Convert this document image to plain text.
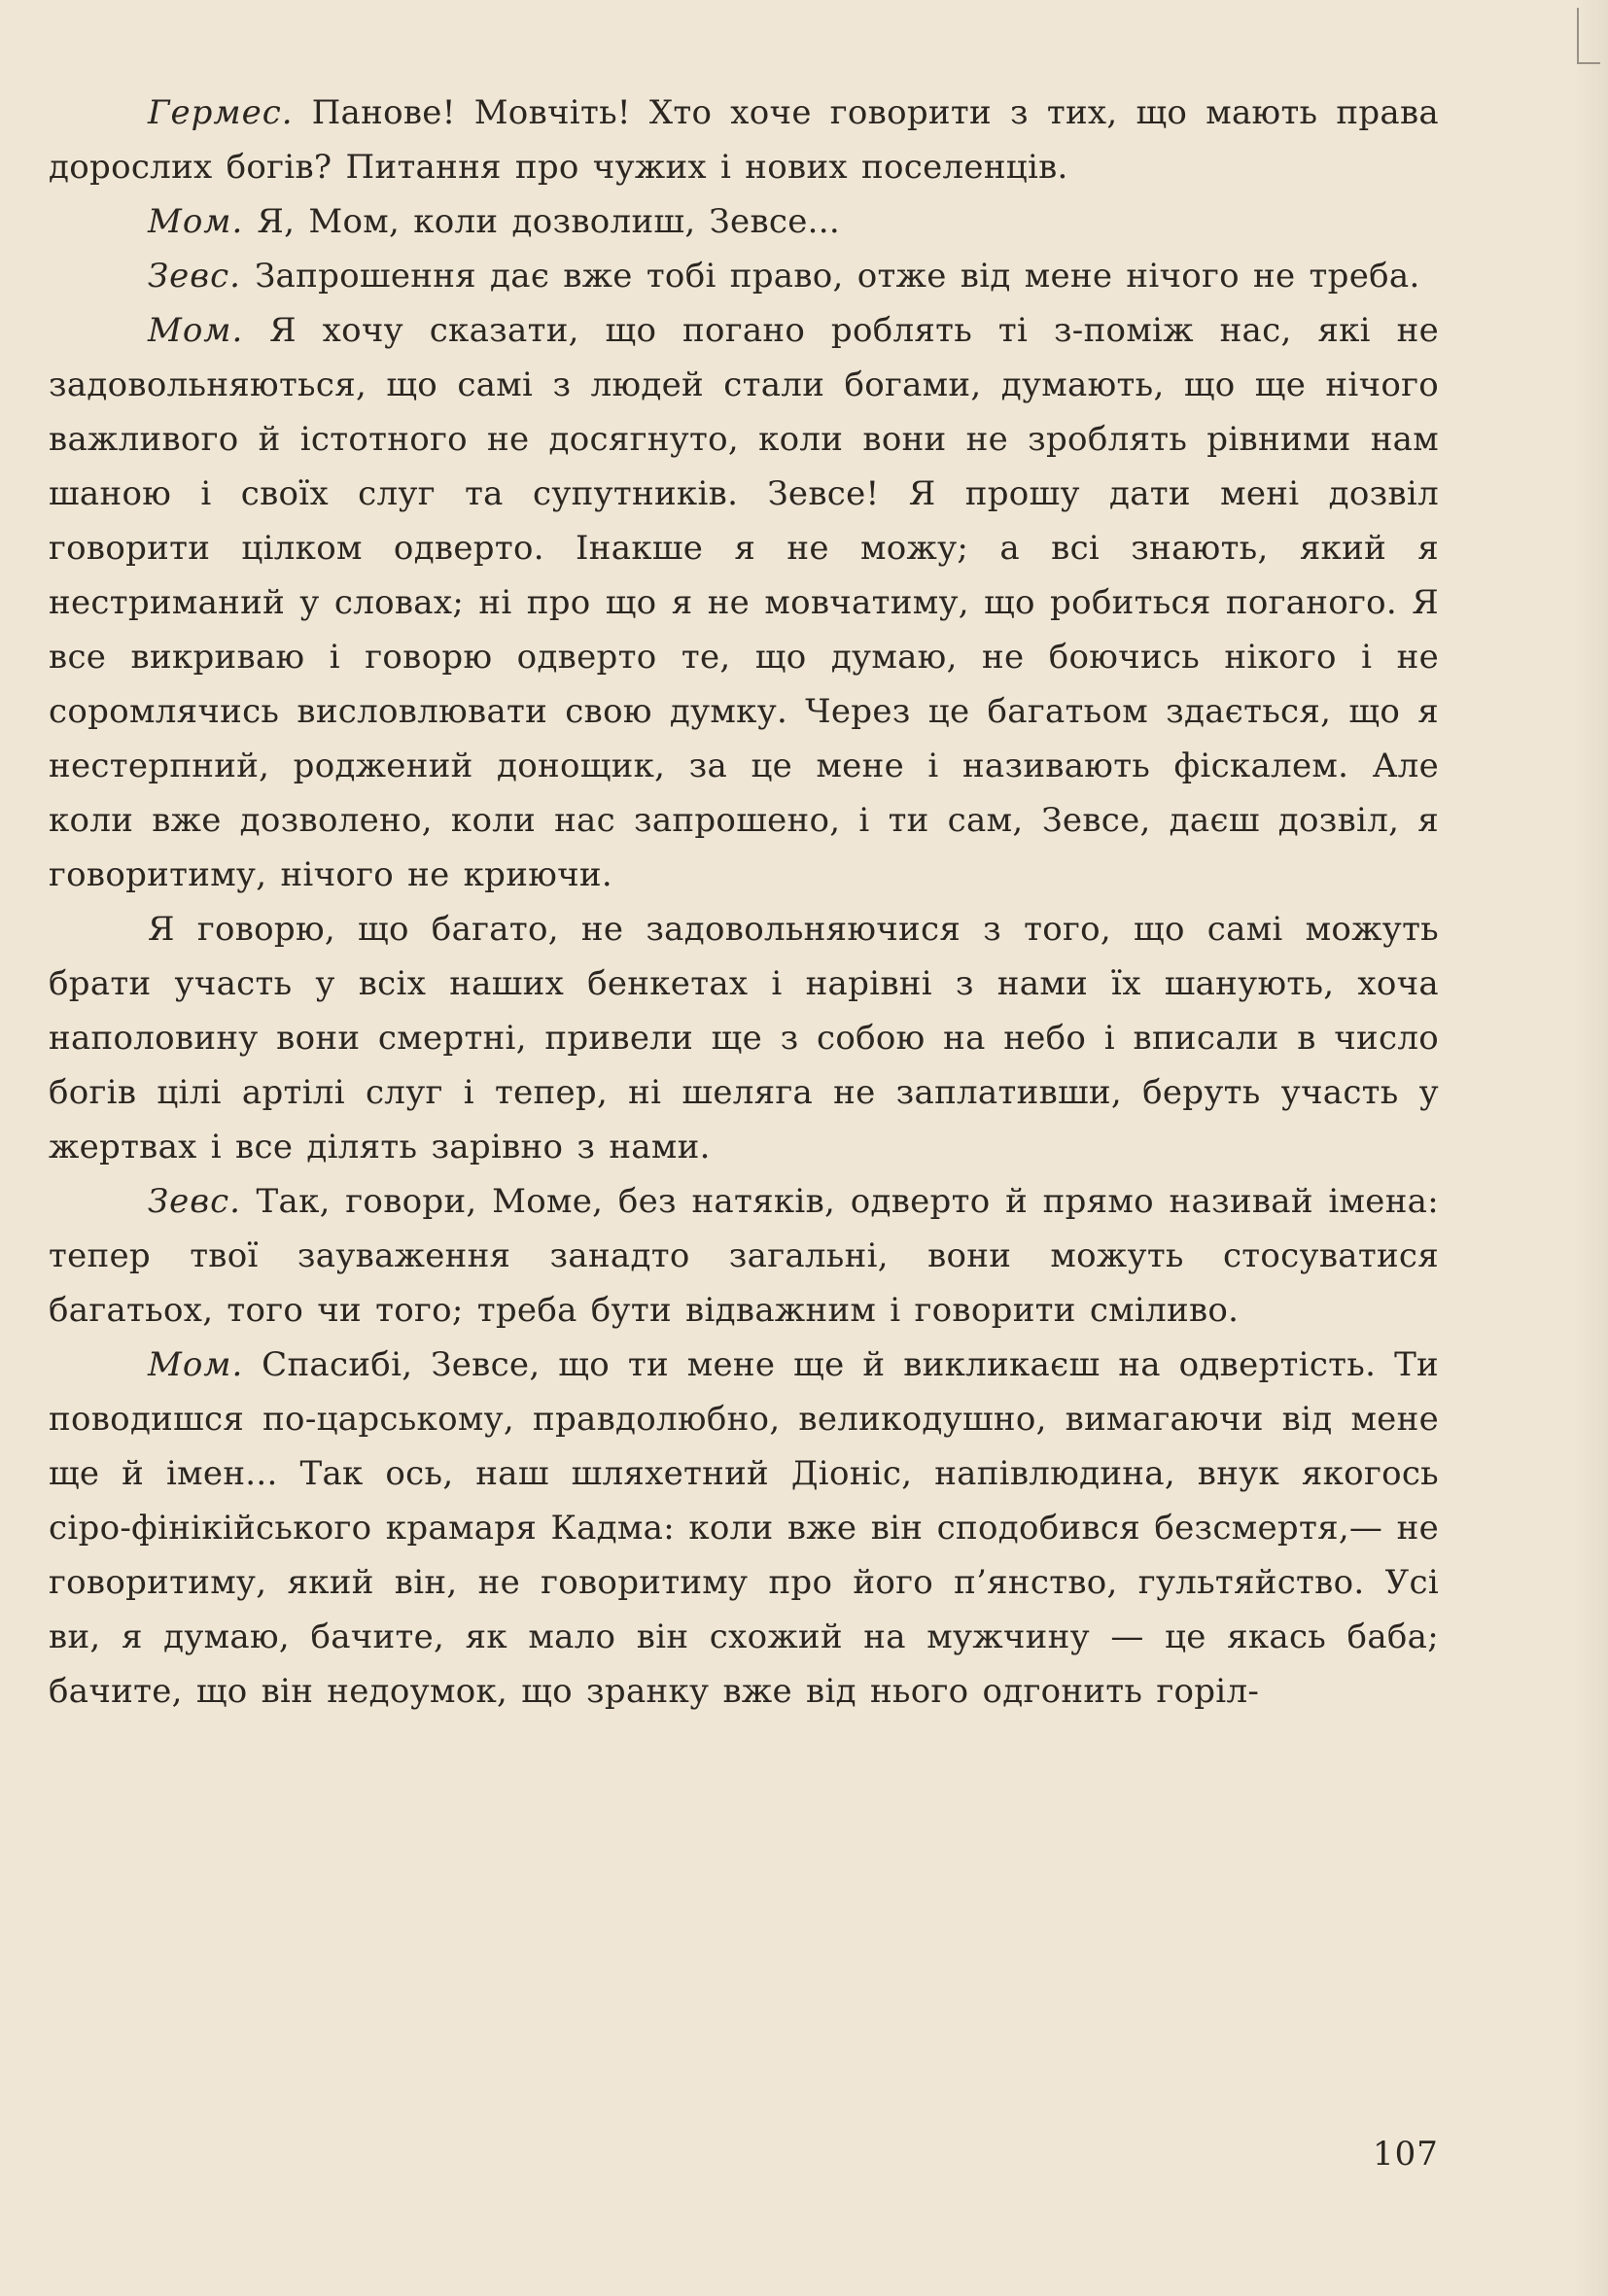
Гермес. Панове! Мовчіть! Хто хоче говорити з тих, що мають права дорослих богів? Питання про чужих і нових поселенців.

Мом. Я, Мом, коли дозволиш, Зевсе...

Зевс. Запрошення дає вже тобі право, отже від мене нічого не треба.

Мом. Я хочу сказати, що погано роблять ті з-поміж нас, які не задовольняються, що самі з людей стали богами, думають, що ще нічого важливого й істотного не досягнуто, коли вони не зроблять рівними нам шаною і своїх слуг та супутників. Зевсе! Я прошу дати мені дозвіл говорити цілком одверто. Інакше я не можу; а всі знають, який я нестриманий у словах; ні про що я не мовчатиму, що робиться поганого. Я все викриваю і говорю одверто те, що думаю, не боючись нікого і не соромлячись висловлювати свою думку. Через це багатьом здається, що я нестерпний, роджений донощик, за це мене і називають фіскалем. Але коли вже дозволено, коли нас запрошено, і ти сам, Зевсе, даєш дозвіл, я говоритиму, нічого не криючи.

Я говорю, що багато, не задовольняючися з того, що самі можуть брати участь у всіх наших бенкетах і нарівні з нами їх шанують, хоча наполовину вони смертні, привели ще з собою на небо і вписали в число богів цілі артілі слуг і тепер, ні шеляга не заплативши, беруть участь у жертвах і все ділять зарівно з нами.

Зевс. Так, говори, Моме, без натяків, одверто й прямо називай імена: тепер твої зауваження занадто загальні, вони можуть стосуватися багатьох, того чи того; треба бути відважним і говорити сміливо.

Мом. Спасибі, Зевсе, що ти мене ще й викликаєш на одвертість. Ти поводишся по-царському, правдолюбно, великодушно, вимагаючи від мене ще й імен... Так ось, наш шляхетний Діоніс, напівлюдина, внук якогось сіро-фінікійського крамаря Кадма: коли вже він сподобився безсмертя,— не говоритиму, який він, не говоритиму про його п’янство, гультяйство. Усі ви, я думаю, бачите, як мало він схожий на мужчину — це якась баба; бачите, що він недоумок, що зранку вже від нього одгонить горіл-

107
